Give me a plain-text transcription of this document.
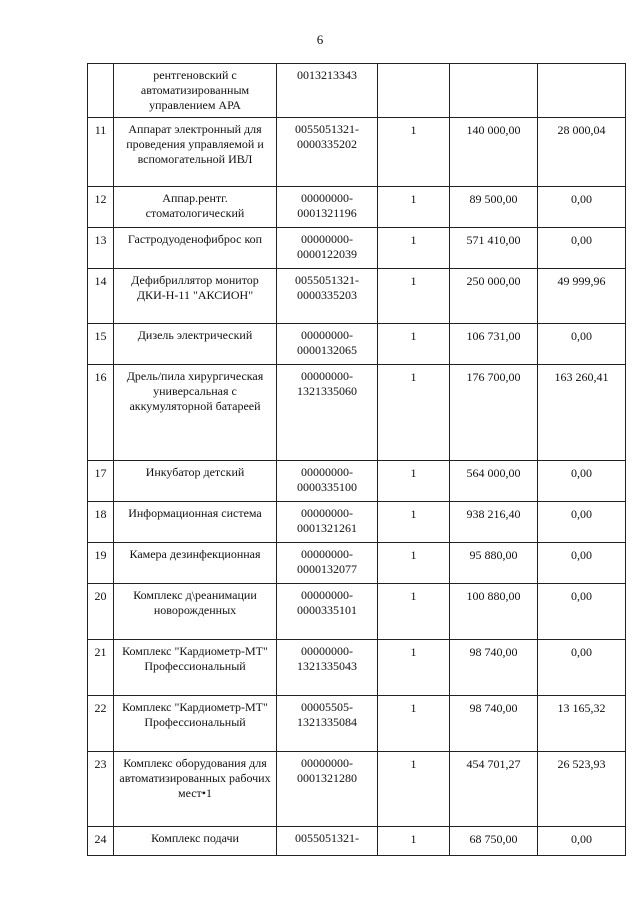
6
	рентгеновский с автоматизированным управлением АРА	0013213343			
11	Аппарат электронный для проведения управляемой и вспомогательной ИВЛ	0055051321-0000335202	1	140 000,00	28 000,04
12	Аппар.рентг. стоматологический	00000000-0001321196	1	89 500,00	0,00
13	Гастродуоденофиброс коп	00000000-0000122039	1	571 410,00	0,00
14	Дефибриллятор монитор ДКИ-Н-11 "АКСИОН"	0055051321-0000335203	1	250 000,00	49 999,96
15	Дизель электрический	00000000-0000132065	1	106 731,00	0,00
16	Дрель/пила хирургическая универсальная с аккумуляторной батареей	00000000-1321335060	1	176 700,00	163 260,41
17	Инкубатор детский	00000000-0000335100	1	564 000,00	0,00
18	Информационная система	00000000-0001321261	1	938 216,40	0,00
19	Камера дезинфекционная	00000000-0000132077	1	95 880,00	0,00
20	Комплекс д\реанимации новорожденных	00000000-0000335101	1	100 880,00	0,00
21	Комплекс "Кардиометр-МТ" Профессиональный	00000000-1321335043	1	98 740,00	0,00
22	Комплекс "Кардиометр-МТ" Профессиональный	00005505-1321335084	1	98 740,00	13 165,32
23	Комплекс оборудования для автоматизированных рабочих мест•1	00000000-0001321280	1	454 701,27	26 523,93
24	Комплекс подачи	0055051321-	1	68 750,00	0,00
